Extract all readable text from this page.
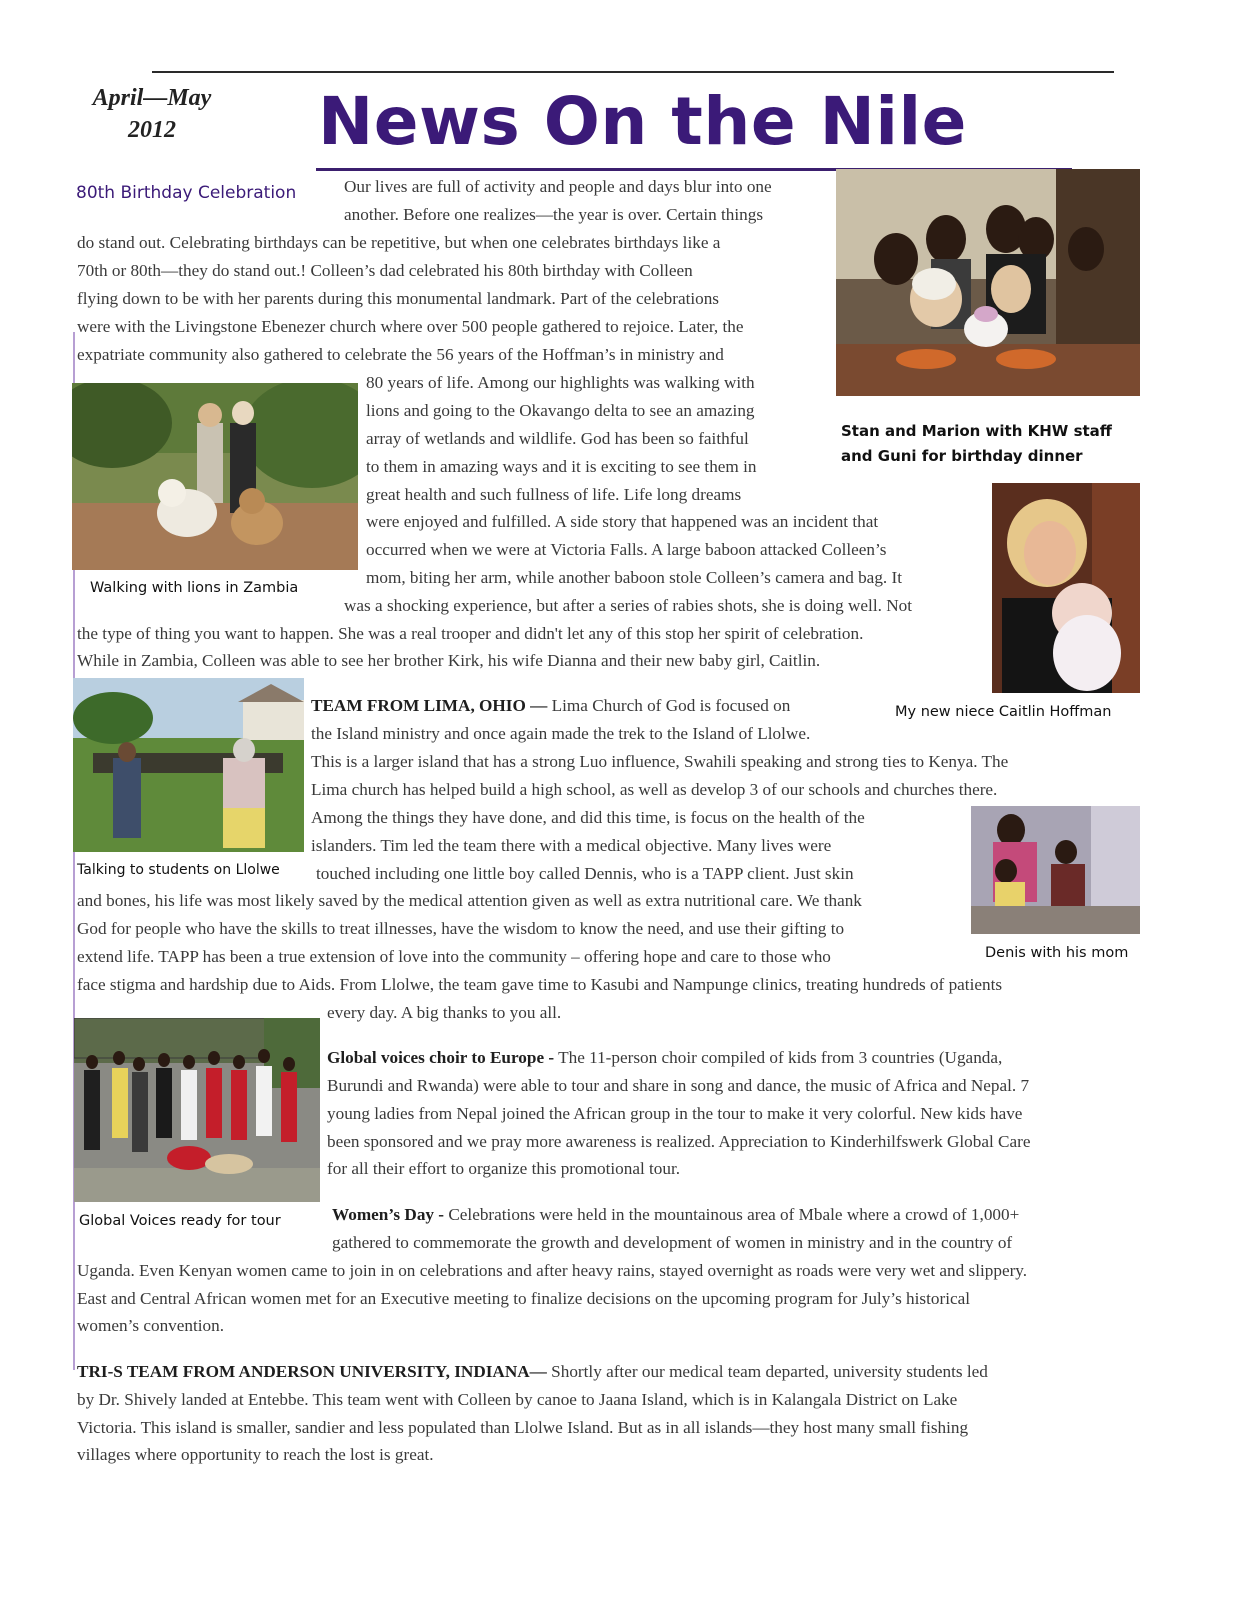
April—May
2012	News On the Nile
Stan and Marion with KHW staff
and Guni for birthday dinner
Walking with lions in Zambia
My new niece Caitlin Hoffman
Talking to students on Llolwe
Denis with his mom
Global Voices ready for tour
80th Birthday Celebration	Our lives are full of activity and people and days blur into one
another. Before one realizes—the year is over. Certain things
do stand out. Celebrating birthdays can be repetitive, but when one celebrates birthdays like a
70th or 80th—they do stand out.! Colleen’s dad celebrated his 80th birthday with Colleen
flying down to be with her parents during this monumental landmark. Part of the celebrations
were with the Livingstone Ebenezer church where over 500 people gathered to rejoice. Later, the
expatriate community also gathered to celebrate the 56 years of the Hoffman’s in ministry and
80 years of life. Among our highlights was walking with
lions and going to the Okavango delta to see an amazing
array of wetlands and wildlife. God has been so faithful
to them in amazing ways and it is exciting to see them in
great health and such fullness of life. Life long dreams
were enjoyed and fulfilled. A side story that happened was an incident that
occurred when we were at Victoria Falls. A large baboon attacked Colleen’s
mom, biting her arm, while another baboon stole Colleen’s camera and bag. It
was a shocking experience, but after a series of rabies shots, she is doing well. Not
the type of thing you want to happen. She was a real trooper and didn't let any of this stop her spirit of celebration.
While in Zambia, Colleen was able to see her brother Kirk, his wife Dianna and their new baby girl, Caitlin.
TEAM FROM LIMA, OHIO — Lima Church of God is focused on
the Island ministry and once again made the trek to the Island of Llolwe.
This is a larger island that has a strong Luo influence, Swahili speaking and strong ties to Kenya. The
Lima church has helped build a high school, as well as develop 3 of our schools and churches there.
Among the things they have done, and did this time, is focus on the health of the
islanders. Tim led the team there with a medical objective. Many lives were
touched including one little boy called Dennis, who is a TAPP client. Just skin
and bones, his life was most likely saved by the medical attention given as well as extra nutritional care. We thank
God for people who have the skills to treat illnesses, have the wisdom to know the need, and use their gifting to
extend life. TAPP has been a true extension of love into the community – offering hope and care to those who
face stigma and hardship due to Aids. From Llolwe, the team gave time to Kasubi and Nampunge clinics, treating hundreds of patients
every day. A big thanks to you all.
Global voices choir to Europe - The 11-person choir compiled of kids from 3 countries (Uganda,
Burundi and Rwanda) were able to tour and share in song and dance, the music of Africa and Nepal. 7
young ladies from Nepal joined the African group in the tour to make it very colorful. New kids have
been sponsored and we pray more awareness is realized. Appreciation to Kinderhilfswerk Global Care
for all their effort to organize this promotional tour.
Women’s Day - Celebrations were held in the mountainous area of Mbale where a crowd of 1,000+
gathered to commemorate the growth and development of women in ministry and in the country of
Uganda. Even Kenyan women came to join in on celebrations and after heavy rains, stayed overnight as roads were very wet and slippery.
East and Central African women met for an Executive meeting to finalize decisions on the upcoming program for July’s historical
women’s convention.
TRI-S TEAM FROM ANDERSON UNIVERSITY, INDIANA— Shortly after our medical team departed, university students led
by Dr. Shively landed at Entebbe. This team went with Colleen by canoe to Jaana Island, which is in Kalangala District on Lake
Victoria. This island is smaller, sandier and less populated than Llolwe Island. But as in all islands—they host many small fishing
villages where opportunity to reach the lost is great.
